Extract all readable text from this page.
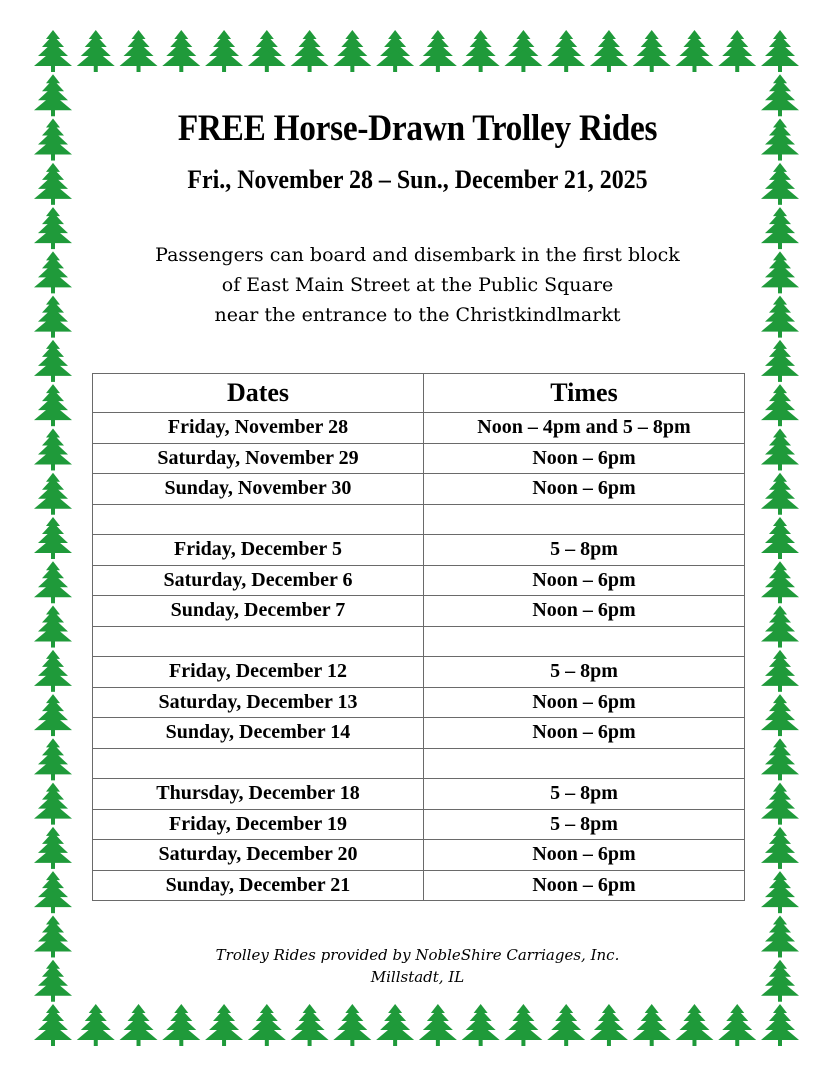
FREE Horse-Drawn Trolley Rides
Fri., November 28 – Sun., December 21, 2025
Passengers can board and disembark in the first block
of East Main Street at the Public Square
near the entrance to the Christkindlmarkt
Dates	Times
Friday, November 28	Noon – 4pm and 5 – 8pm
Saturday, November 29	Noon – 6pm
Sunday, November 30	Noon – 6pm

Friday, December 5	5 – 8pm
Saturday, December 6	Noon – 6pm
Sunday, December 7	Noon – 6pm

Friday, December 12	5 – 8pm
Saturday, December 13	Noon – 6pm
Sunday, December 14	Noon – 6pm

Thursday, December 18	5 – 8pm
Friday, December 19	5 – 8pm
Saturday, December 20	Noon – 6pm
Sunday, December 21	Noon – 6pm
Trolley Rides provided by NobleShire Carriages, Inc.
Millstadt, IL
